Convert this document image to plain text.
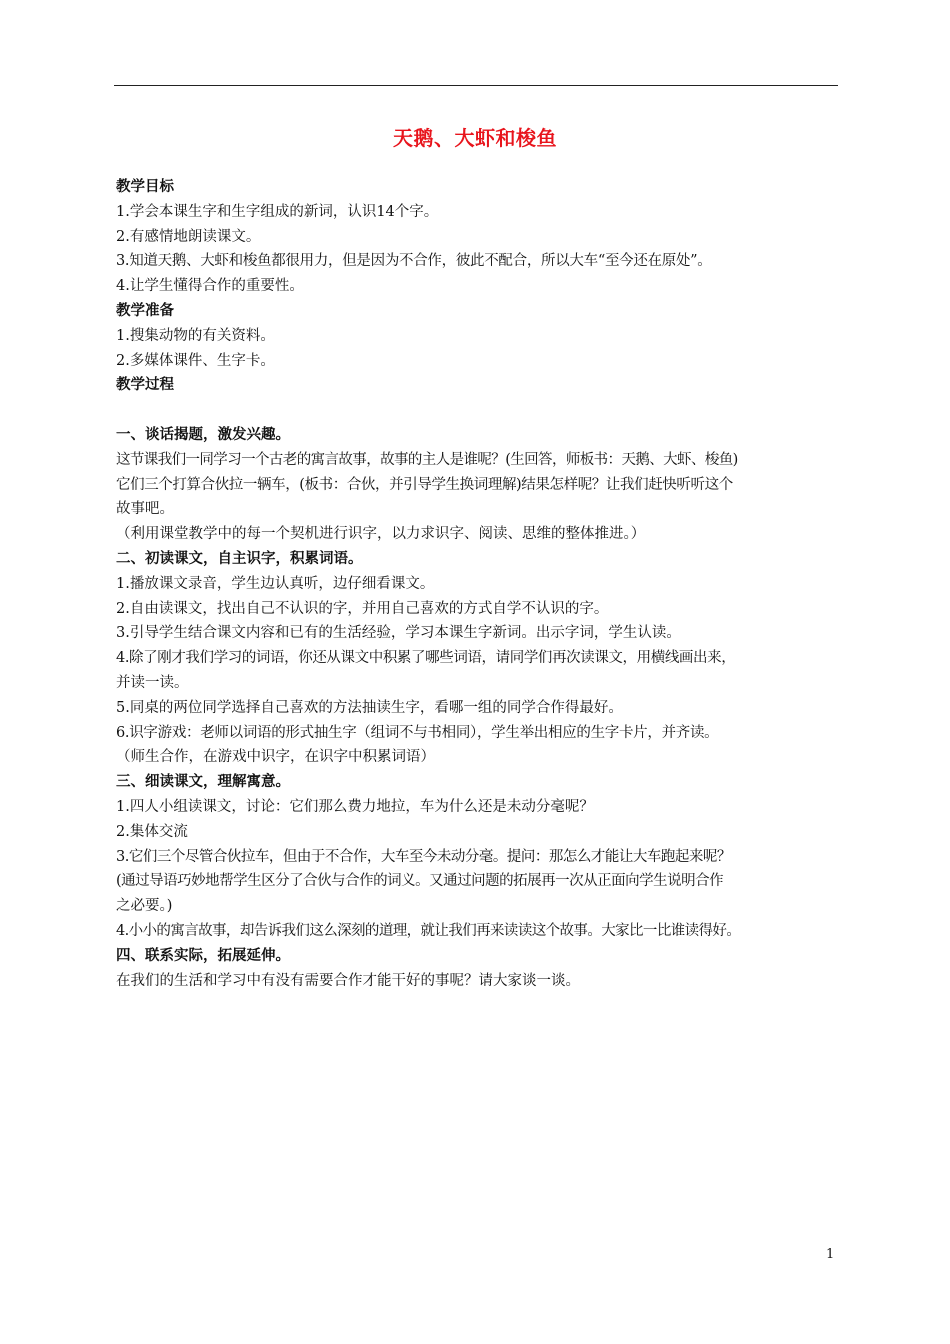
天鹅、大虾和梭鱼
教学目标
1.学会本课生字和生字组成的新词，认识14个字。
2.有感情地朗读课文。
3.知道天鹅、大虾和梭鱼都很用力，但是因为不合作，彼此不配合，所以大车“至今还在原处”。
4.让学生懂得合作的重要性。
教学准备
1.搜集动物的有关资料。
2.多媒体课件、生字卡。
教学过程
一、谈话揭题，激发兴趣。
这节课我们一同学习一个古老的寓言故事，故事的主人是谁呢？(生回答，师板书：天鹅、大虾、梭鱼)
它们三个打算合伙拉一辆车，(板书：合伙，并引导学生换词理解)结果怎样呢？让我们赶快听听这个
故事吧。
（利用课堂教学中的每一个契机进行识字，以力求识字、阅读、思维的整体推进。）
二、初读课文，自主识字，积累词语。
1.播放课文录音，学生边认真听，边仔细看课文。
2.自由读课文，找出自己不认识的字，并用自己喜欢的方式自学不认识的字。
3.引导学生结合课文内容和已有的生活经验，学习本课生字新词。出示字词，学生认读。
4.除了刚才我们学习的词语，你还从课文中积累了哪些词语，请同学们再次读课文，用横线画出来，
并读一读。
5.同桌的两位同学选择自己喜欢的方法抽读生字，看哪一组的同学合作得最好。
6.识字游戏：老师以词语的形式抽生字（组词不与书相同），学生举出相应的生字卡片，并齐读。
（师生合作，在游戏中识字，在识字中积累词语）
三、细读课文，理解寓意。
1.四人小组读课文，讨论：它们那么费力地拉，车为什么还是未动分毫呢？
2.集体交流
3.它们三个尽管合伙拉车，但由于不合作，大车至今未动分毫。提问：那怎么才能让大车跑起来呢？
(通过导语巧妙地帮学生区分了合伙与合作的词义。又通过问题的拓展再一次从正面向学生说明合作
之必要。)
4.小小的寓言故事，却告诉我们这么深刻的道理，就让我们再来读读这个故事。大家比一比谁读得好。
四、联系实际，拓展延伸。
在我们的生活和学习中有没有需要合作才能干好的事呢？请大家谈一谈。
1
